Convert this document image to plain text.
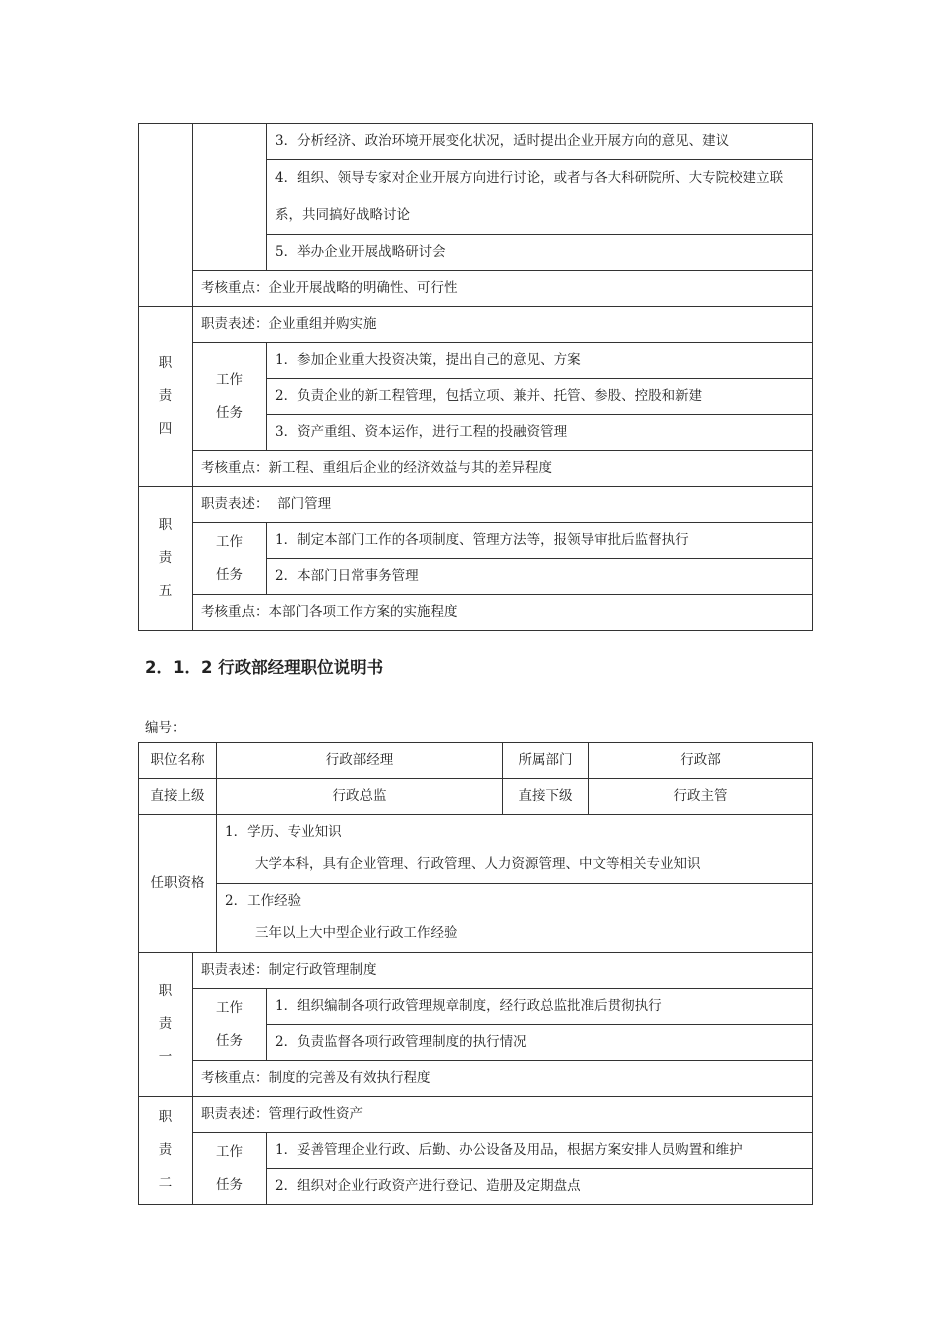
		3．分析经济、政治环境开展变化状况，适时提出企业开展方向的意见、建议
		4．组织、领导专家对企业开展方向进行讨论，或者与各大科研院所、大专院校建立联系，共同搞好战略讨论
		5．举办企业开展战略研讨会

	考核重点：企业开展战略的明确性、可行性	

职
责
四	职责表述：企业重组并购实施	

	工作
任务	1．参加企业重大投资决策，提出自己的意见、方案
		2．负责企业的新工程管理，包括立项、兼并、托管、参股、控股和新建
		3．资产重组、资本运作，进行工程的投融资管理
	考核重点：新工程、重组后企业的经济效益与其的差异程度	

职
责
五	职责表述：  部门管理	

	工作
任务	1．制定本部门工作的各项制度、管理方法等，报领导审批后监督执行
		2．本部门日常事务管理
	考核重点：本部门各项工作方案的实施程度	
2．1．2 行政部经理职位说明书

编号：

职位名称		行政部经理		所属部门	行政部
直接上级		行政总监		直接下级	行政主管
任职资格		1．学历、专业知识
大学本科，具有企业管理、行政管理、人力资源管理、中文等相关专业知识			

		2．工作经验
三年以上大中型企业行政工作经验			

职
责
一	职责表述：制定行政管理制度				

	工作
任务		1．组织编制各项行政管理规章制度，经行政总监批准后贯彻执行		
			2．负责监督各项行政管理制度的执行情况		
	考核重点：制度的完善及有效执行程度				

职
责
二	职责表述：管理行政性资产				

	工作
任务		1．妥善管理企业行政、后勤、办公设备及用品，根据方案安排人员购置和维护		
			2．组织对企业行政资产进行登记、造册及定期盘点		
